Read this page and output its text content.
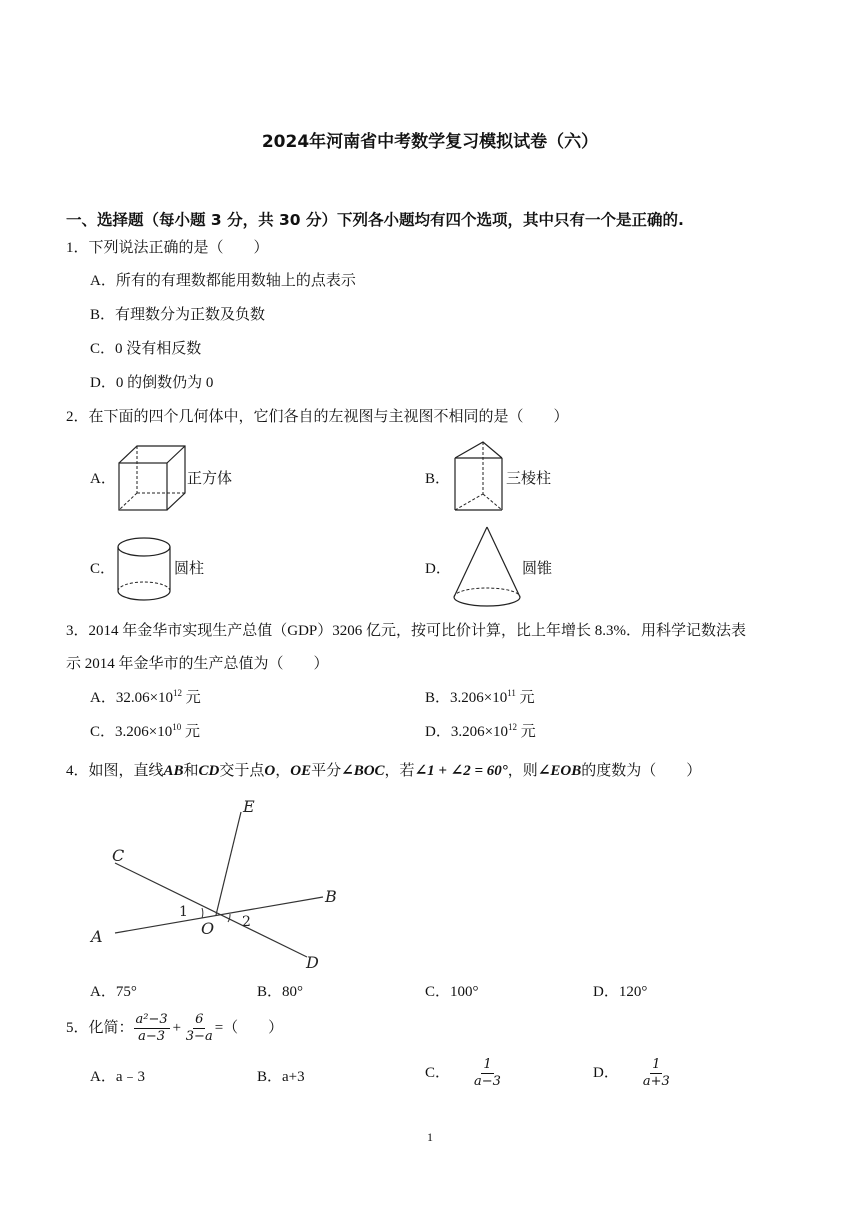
2024年河南省中考数学复习模拟试卷（六）
一、选择题（每小题 3 分，共 30 分）下列各小题均有四个选项，其中只有一个是正确的.
1．下列说法正确的是（　　）
A．所有的有理数都能用数轴上的点表示
B．有理数分为正数及负数
C．0 没有相反数
D．0 的倒数仍为 0
2．在下面的四个几何体中，它们各自的左视图与主视图不相同的是（　　）
A．	正方体	B．	三棱柱
C．	圆柱	D．	圆锥
3．2014 年金华市实现生产总值（GDP）3206 亿元，按可比价计算，比上年增长 8.3%．用科学记数法表
示 2014 年金华市的生产总值为（　　）
A．$32.06\times 10^{12}$ 元	B．$3.206\times 10^{11}$ 元
C．$3.206\times 10^{10}$ 元	D．$3.206\times 10^{12}$ 元
4．如图，直线AB和CD交于点O，OE平分∠BOC，若∠1 + ∠2 = 60°，则∠EOB的度数为（　　）
E
C
B
A	O
D
1
2
A．75°	B．80°	C．100°	D．120°
5．化简： $\frac{\text{a²−3}}{a-3} + \frac{6}{3-a}$ =（　　）
A．a﹣3	B．a+3	C． $\frac{1}{a-3}$	D． $\frac{1}{a+3}$
1
